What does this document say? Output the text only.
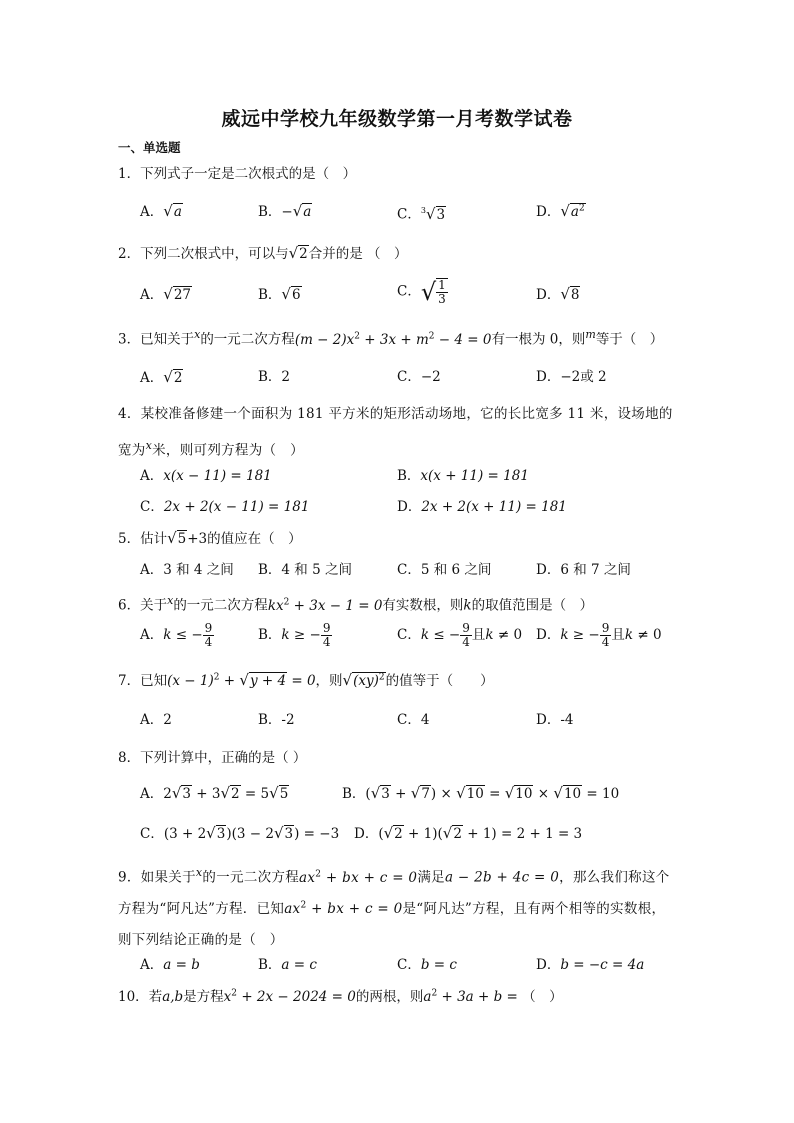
威远中学校九年级数学第一月考数学试卷
一、单选题
1．下列式子一定是二次根式的是（　）
A．√a	B．−√a	C．$^3$√3	D．$√a^2$
2．下列二次根式中，可以与√2合并的是 （　）
A．√27	B．√6	C．√ $\frac{1}{3}$	D．√8
3．已知关于$^x$的一元二次方程$(m - 2)x^2 + 3x + m^2 - 4 = 0$有一根为 0，则$^m$等于（　）
A．√2	B．2	C．−2	D．−2或 2
4．某校准备修建一个面积为 181 平方米的矩形活动场地，它的长比宽多 11 米，设场地的宽为$^x$米，则可列方程为（　）
A．x(x − 11) = 181	B．x(x + 11) = 181
C．2x + 2(x − 11) = 181	D．2x + 2(x + 11) = 181
5．估计√5+3的值应在（　）
A．3 和 4 之间 B．4 和 5 之间	C．5 和 6 之间	D．6 和 7 之间
6．关于$^x$的一元二次方程$kx^2 + 3x - 1 = 0$有实数根，则k的取值范围是（　）
A．k ≤ − $\frac{9}{4}$	B．k ≥ − $\frac{9}{4}$	C．k ≤ − $\frac{9}{4}$ 且k ≠ 0 D．k ≥ − $\frac{9}{4}$ 且k ≠ 0
7．已知$(x - 1)^2 + √y + 4 = 0$，则√(xy)$^2$的值等于（　　）
A．2	B．-2	C．4	D．-4
8．下列计算中，正确的是（ ）
A．2√3 + 3√2 = 5√5	B．(√3 + √7) × √10 = √10 × √10 = 10
C．(3 + 2√3)(3 − 2√3) = −3 D．(√2 + 1)(√2 + 1) = 2 + 1 = 3
9．如果关于$^x$的一元二次方程$ax^2$ + bx + c = 0满足a − 2b + 4c = 0，那么我们称这个方程为“阿凡达”方程．已知$ax^2$ + bx + c = 0是“阿凡达”方程，且有两个相等的实数根，则下列结论正确的是（　）
A．a = b	B．a = c	C．b = c	D．b = −c = 4a
10．若a,b是方程$x^2 + 2x - 2024 = 0$的两根，则$a^2 + 3a + b$ = （　）
